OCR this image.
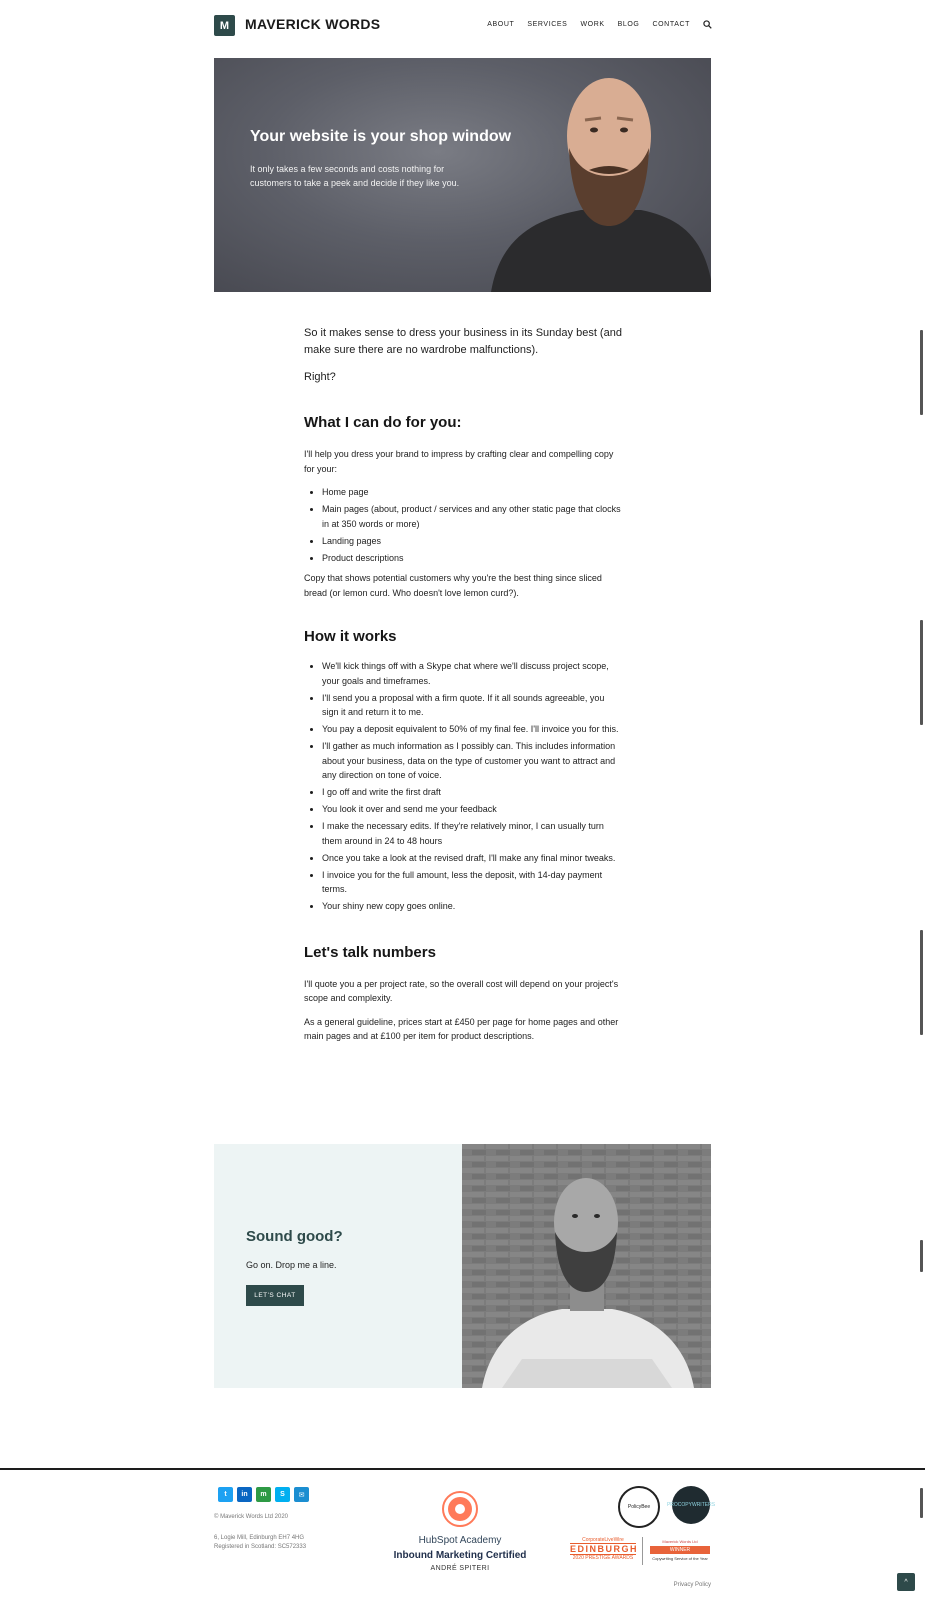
M	MAVERICK WORDS	ABOUT SERVICES WORK BLOG CONTACT
Your website is your shop window
It only takes a few seconds and costs nothing for customers to take a peek and decide if they like you.

So it makes sense to dress your business in its Sunday best (and make sure there are no wardrobe malfunctions).

Right?

What I can do for you:

I'll help you dress your brand to impress by crafting clear and compelling copy for your:

• Home page
• Main pages (about, product / services and any other static page that clocks in at 350 words or more)
• Landing pages
• Product descriptions

Copy that shows potential customers why you're the best thing since sliced bread (or lemon curd. Who doesn't love lemon curd?).

How it works
• We'll kick things off with a Skype chat where we'll discuss project scope, your goals and timeframes.
• I'll send you a proposal with a firm quote. If it all sounds agreeable, you sign it and return it to me.
• You pay a deposit equivalent to 50% of my final fee. I'll invoice you for this.
• I'll gather as much information as I possibly can. This includes information about your business, data on the type of customer you want to attract and any direction on tone of voice.
• I go off and write the first draft
• You look it over and send me your feedback
• I make the necessary edits. If they're relatively minor, I can usually turn them around in 24 to 48 hours
• Once you take a look at the revised draft, I'll make any final minor tweaks.
• I invoice you for the full amount, less the deposit, with 14-day payment terms.
• Your shiny new copy goes online.
Let's talk numbers

I'll quote you a per project rate, so the overall cost will depend on your project's scope and complexity.

As a general guideline, prices start at £450 per page for home pages and other main pages and at £100 per item for product descriptions.

Sound good?
Go on. Drop me a line.
LET'S CHAT
t	in	m	S	✉
© Maverick Words Ltd 2020
6, Logie Mill, Edinburgh EH7 4HG
Registered in Scotland: SC572333
HubSpot Academy
Inbound Marketing Certified
ANDRÉ SPITERI
PolicyBee	PROCOPYWRITERS
CorporateLiveWire
EDINBURGH
2020 PRESTIGE AWARDS
Maverick Words Ltd
WINNER
Copywriting Service of the Year
Privacy Policy	^
